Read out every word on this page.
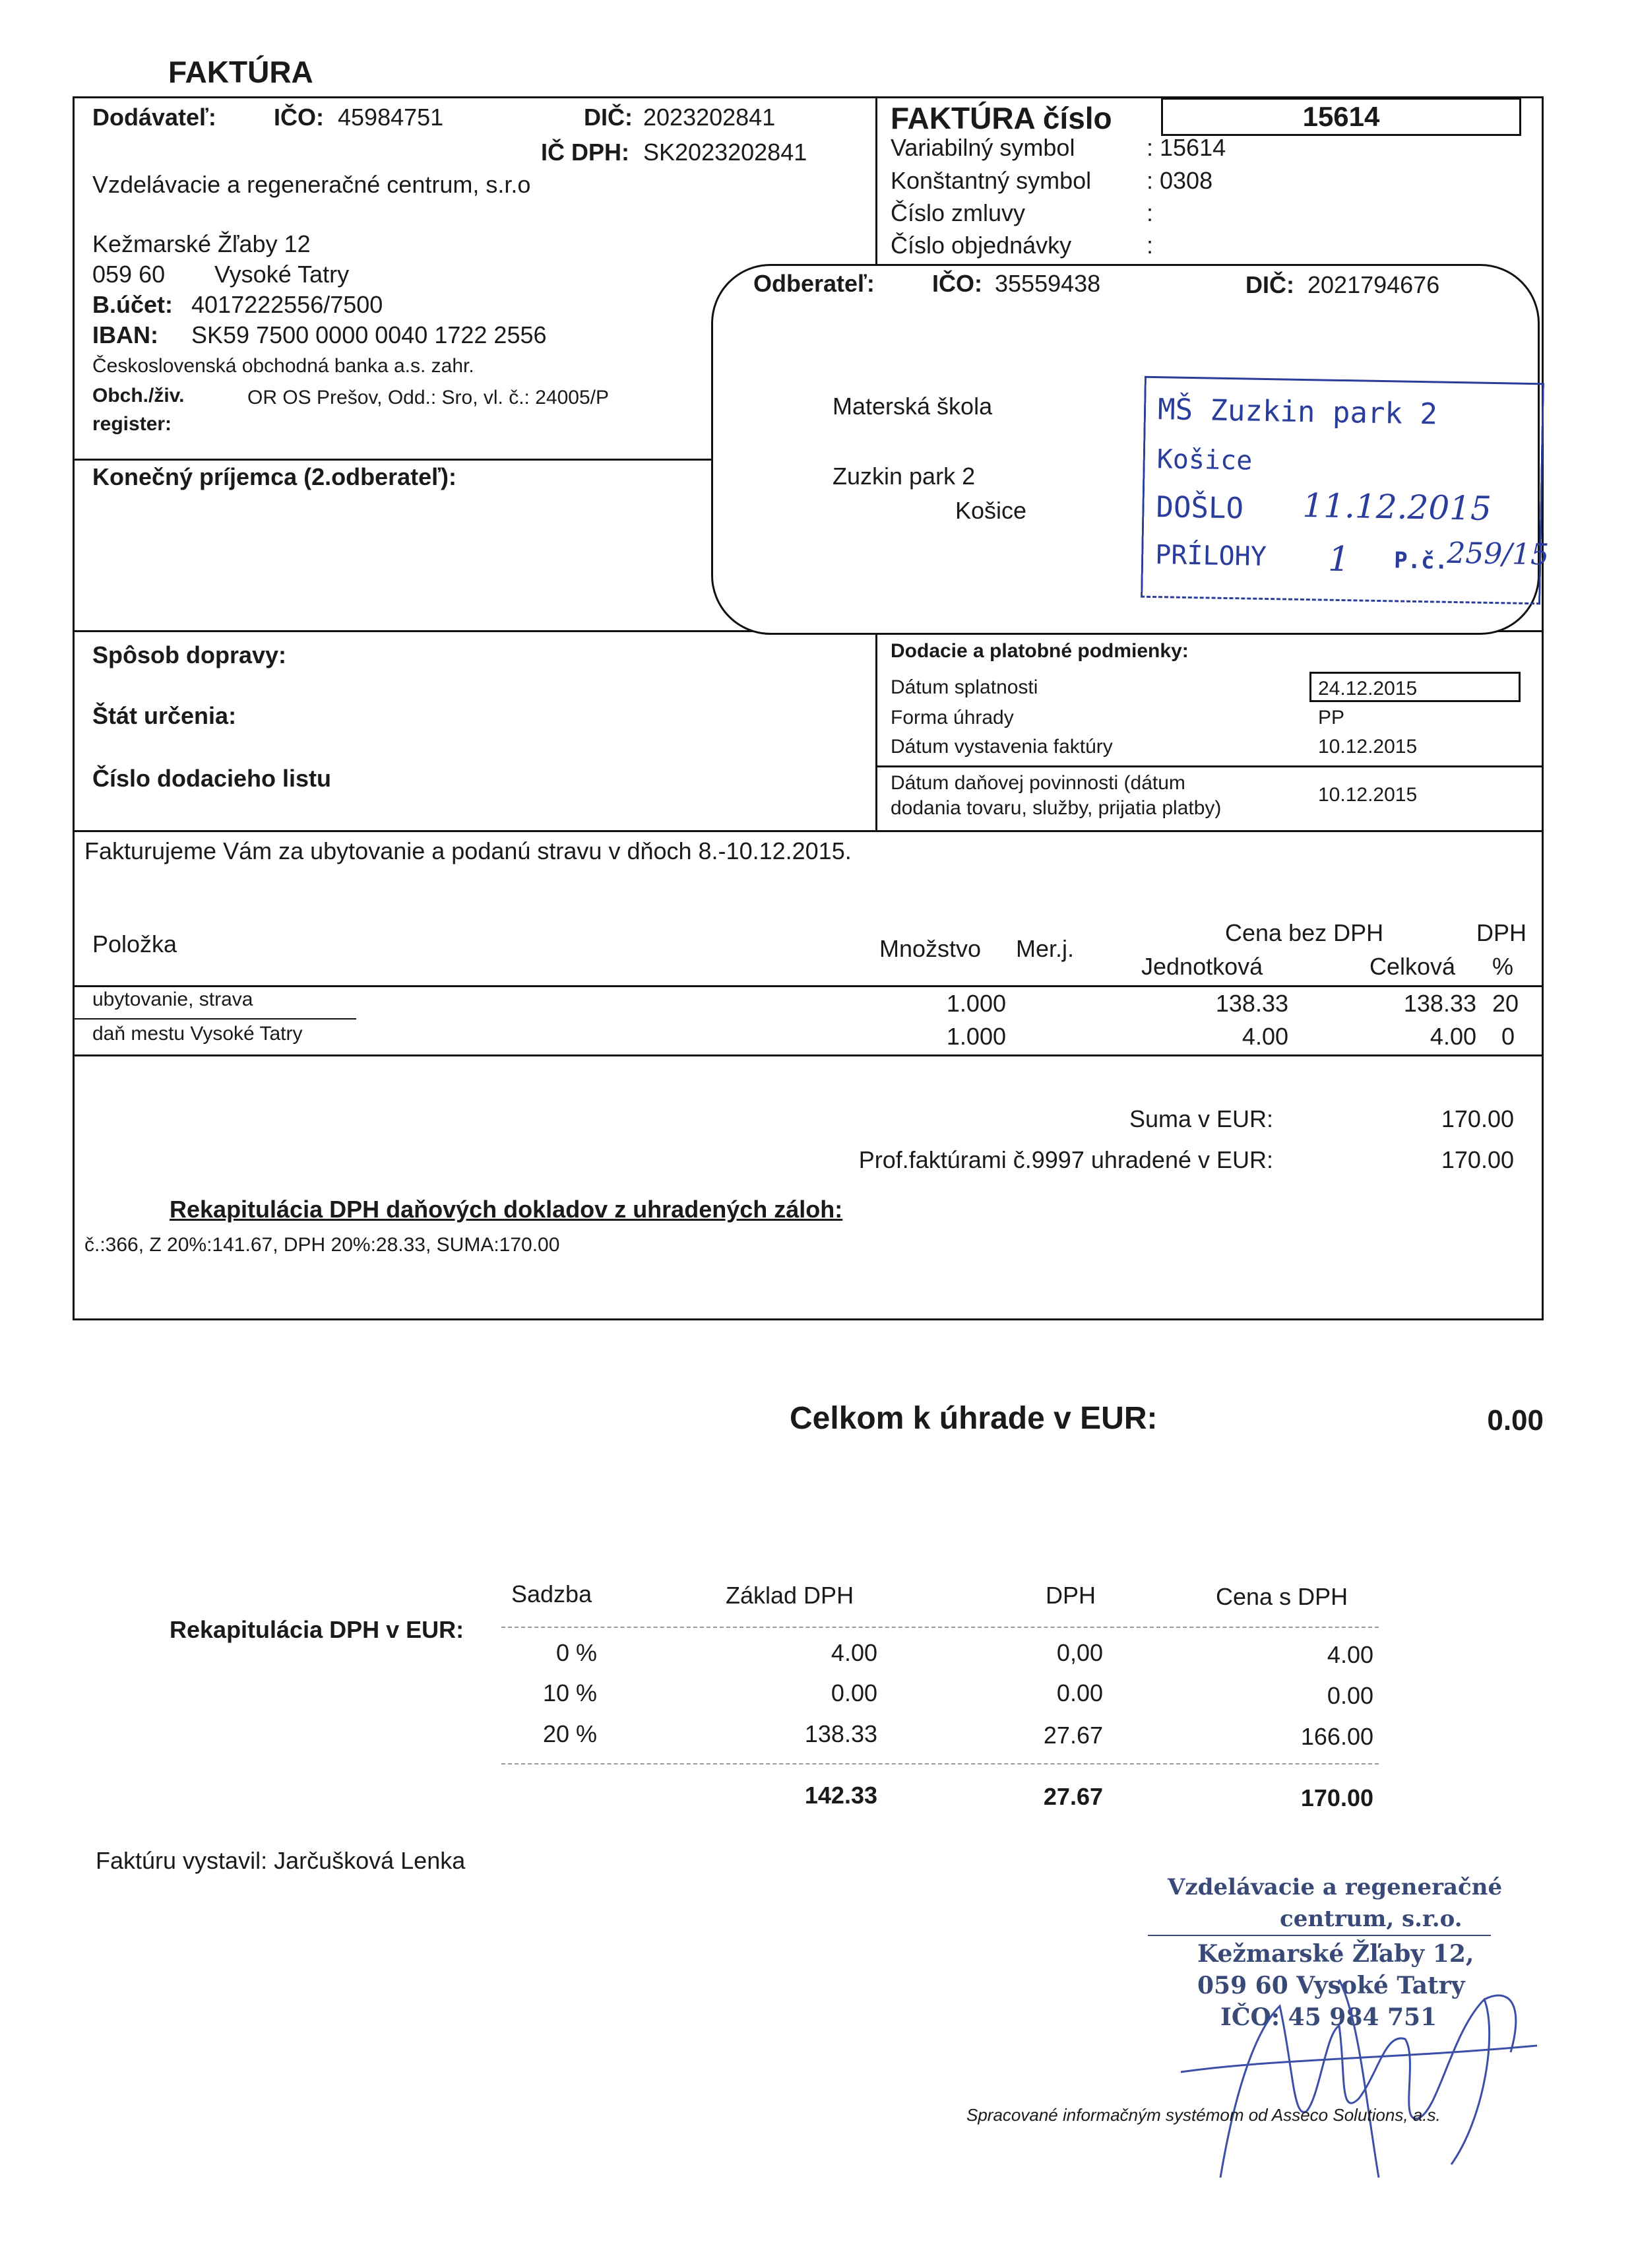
FAKTÚRA
Dodávateľ: IČO: 45984751	DIČ: 2023202841
IČ DPH: SK2023202841
Vzdelávacie a regeneračné centrum, s.r.o
Kežmarské Žľaby 12
059 60 Vysoké Tatry
B.účet: 4017222556/7500
IBAN: SK59 7500 0000 0040 1722 2556
Československá obchodná banka a.s. zahr.
Obch./živ.	OR OS Prešov, Odd.: Sro, vl. č.: 24005/P
register:
Konečný príjemca (2.odberateľ):
FAKTÚRA číslo	15614
Variabilný symbol	: 15614
Konštantný symbol : 0308
Číslo zmluvy	:
Číslo objednávky	:
Odberateľ: IČO: 35559438	DIČ: 2021794676
Materská škola
Zuzkin park 2
Košice
MŠ Zuzkin park 2
Košice
DOŠLO 11.12.2015
PRÍLOHY 1 P.č.
259/15
Spôsob dopravy:
Štát určenia:
Číslo dodacieho listu
Dodacie a platobné podmienky:
Dátum splatnosti	24.12.2015
Forma úhrady	PP
Dátum vystavenia faktúry	10.12.2015
Dátum daňovej povinnosti (dátum
dodania tovaru, služby, prijatia platby)
10.12.2015
Fakturujeme Vám za ubytovanie a podanú stravu v dňoch 8.-10.12.2015.
Položka	Množstvo Mer.j.
Cena bez DPH
Jednotková	Celková
DPH
%
ubytovanie, strava	1.000	138.33	138.33 20
daň mestu Vysoké Tatry	1.000	4.00	4.00 0
Suma v EUR:	170.00
Prof.faktúrami č.9997 uhradené v EUR:	170.00
Rekapitulácia DPH daňových dokladov z uhradených záloh:
č.:366, Z 20%:141.67, DPH 20%:28.33, SUMA:170.00
Celkom k úhrade v EUR:	0.00
Rekapitulácia DPH v EUR:
Sadzba	Základ DPH	DPH	Cena s DPH
0 %	4.00	0,00	4.00
10 %	0.00	0.00	0.00
20 %	138.33	27.67	166.00
142.33	27.67	170.00
Faktúru vystavil: Jarčušková Lenka
Vzdelávacie a regeneračné
centrum, s.r.o.
Kežmarské Žľaby 12,
059 60 Vysoké Tatry
IČO: 45 984 751
Spracované informačným systémom od Asseco Solutions, a.s.
